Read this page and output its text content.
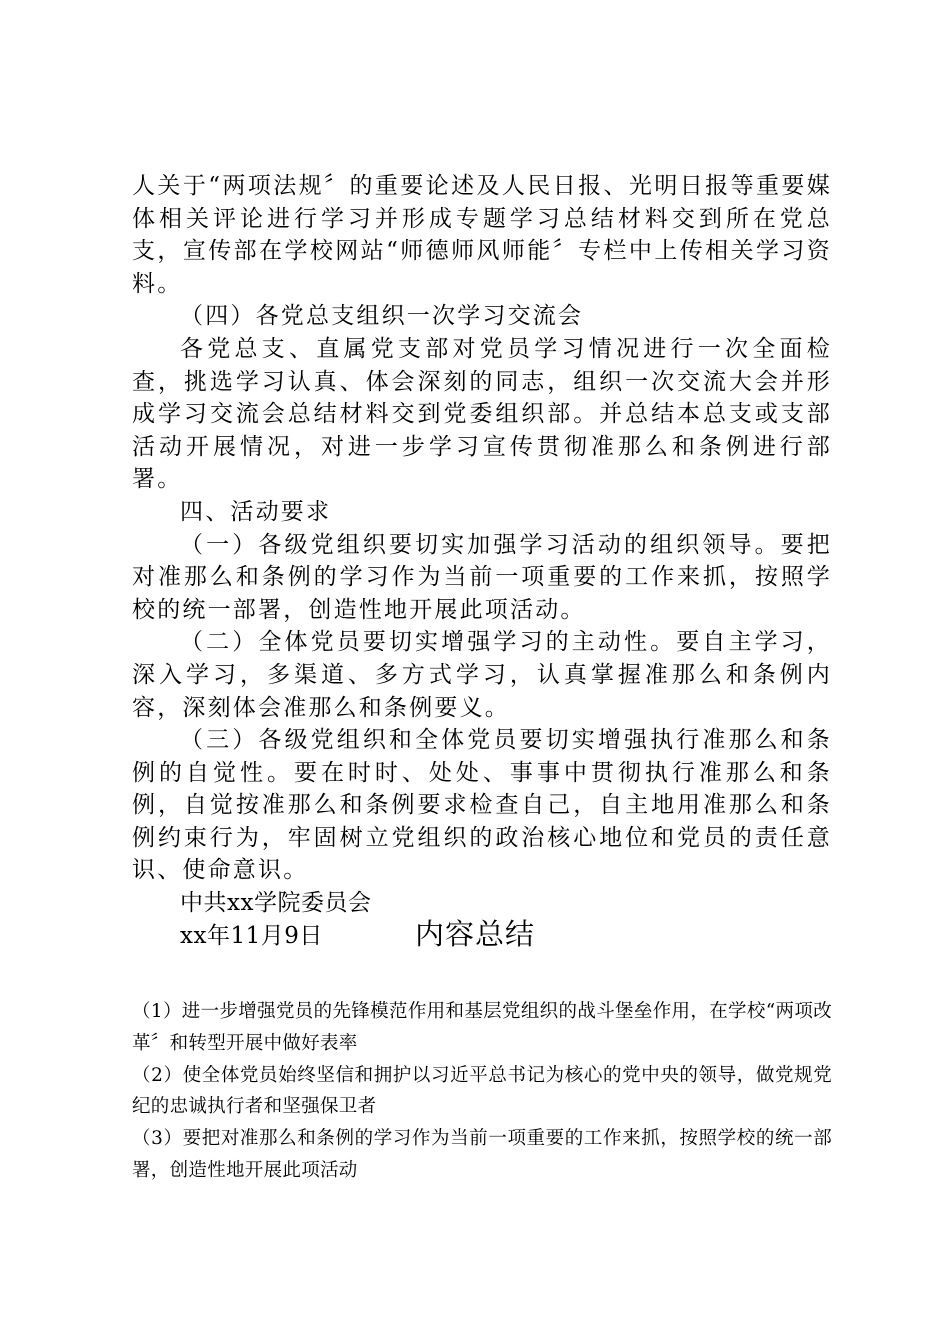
人关于“两项法规〞的重要论述及人民日报、光明日报等重要媒体相关评论进行学习并形成专题学习总结材料交到所在党总支，宣传部在学校网站“师德师风师能〞专栏中上传相关学习资料。

（四）各党总支组织一次学习交流会

各党总支、直属党支部对党员学习情况进行一次全面检查，挑选学习认真、体会深刻的同志，组织一次交流大会并形成学习交流会总结材料交到党委组织部。并总结本总支或支部活动开展情况，对进一步学习宣传贯彻准那么和条例进行部署。

四、活动要求

（一）各级党组织要切实加强学习活动的组织领导。要把对准那么和条例的学习作为当前一项重要的工作来抓，按照学校的统一部署，创造性地开展此项活动。

（二）全体党员要切实增强学习的主动性。要自主学习，深入学习，多渠道、多方式学习，认真掌握准那么和条例内容，深刻体会准那么和条例要义。

（三）各级党组织和全体党员要切实增强执行准那么和条例的自觉性。要在时时、处处、事事中贯彻执行准那么和条例，自觉按准那么和条例要求检查自己，自主地用准那么和条例约束行为，牢固树立党组织的政治核心地位和党员的责任意识、使命意识。

中共xx学院委员会

xx年11月9日	内容总结

（1）进一步增强党员的先锋模范作用和基层党组织的战斗堡垒作用，在学校“两项改革〞和转型开展中做好表率

（2）使全体党员始终坚信和拥护以习近平总书记为核心的党中央的领导，做党规党纪的忠诚执行者和坚强保卫者

（3）要把对准那么和条例的学习作为当前一项重要的工作来抓，按照学校的统一部署，创造性地开展此项活动
